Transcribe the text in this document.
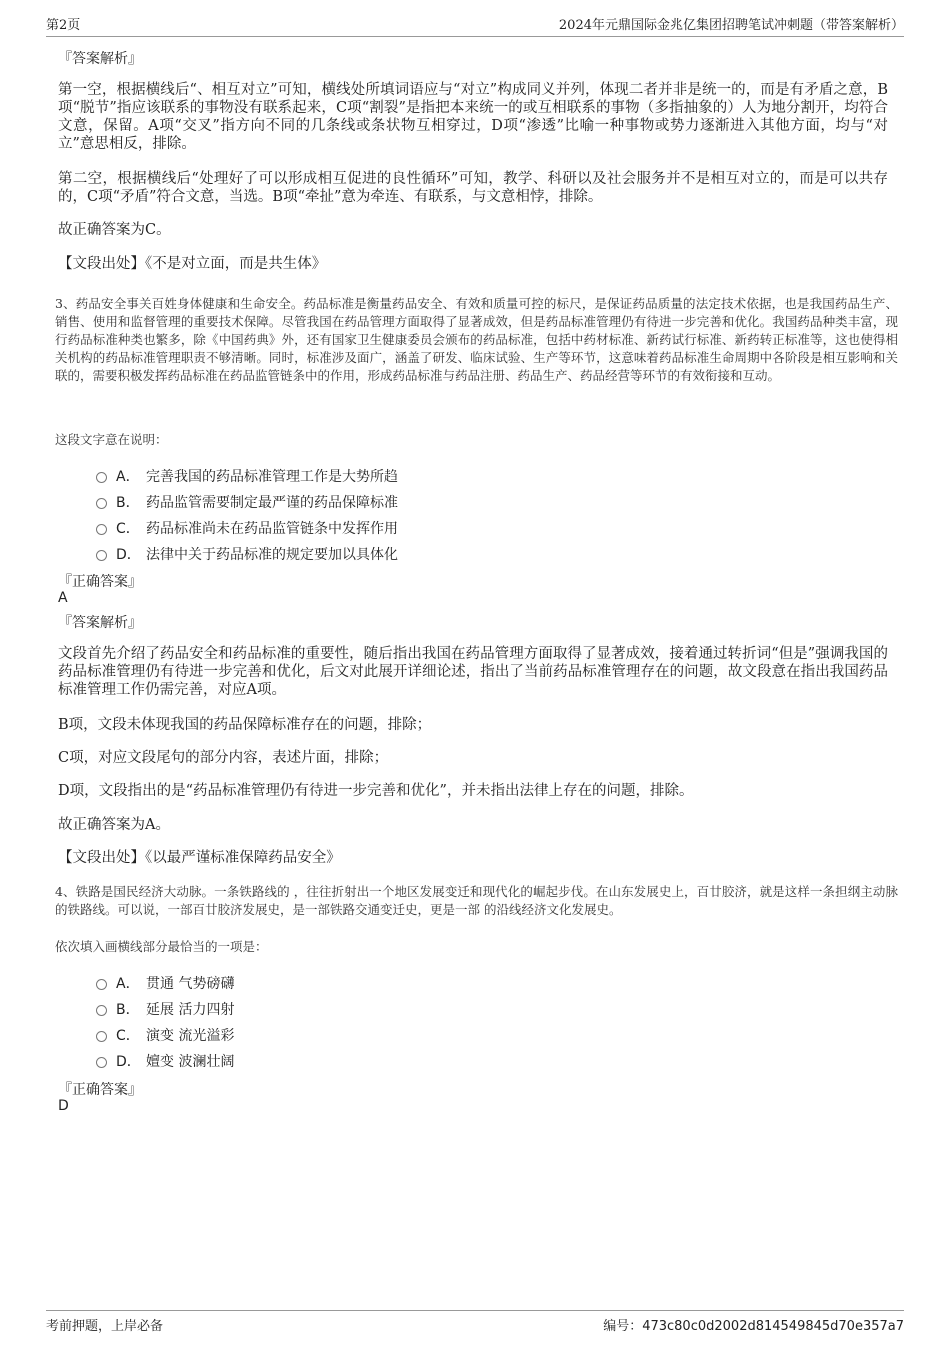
第2页	2024年元鼎国际金兆亿集团招聘笔试冲刺题（带答案解析）

『答案解析』

第一空，根据横线后“、相互对立”可知，横线处所填词语应与“对立”构成同义并列，体现二者并非是统一的，而是有矛盾之意，B项“脱节”指应该联系的事物没有联系起来，C项“割裂”是指把本来统一的或互相联系的事物（多指抽象的）人为地分割开，均符合文意，保留。A项“交叉”指方向不同的几条线或条状物互相穿过，D项“渗透”比喻一种事物或势力逐渐进入其他方面，均与“对立”意思相反，排除。

第二空，根据横线后“处理好了可以形成相互促进的良性循环”可知，教学、科研以及社会服务并不是相互对立的，而是可以共存的，C项“矛盾”符合文意，当选。B项“牵扯”意为牵连、有联系，与文意相悖，排除。

故正确答案为C。

【文段出处】《不是对立面，而是共生体》

3、药品安全事关百姓身体健康和生命安全。药品标准是衡量药品安全、有效和质量可控的标尺，是保证药品质量的法定技术依据，也是我国药品生产、销售、使用和监督管理的重要技术保障。尽管我国在药品管理方面取得了显著成效，但是药品标准管理仍有待进一步完善和优化。我国药品种类丰富，现行药品标准种类也繁多，除《中国药典》外，还有国家卫生健康委员会颁布的药品标准，包括中药材标准、新药试行标准、新药转正标准等，这也使得相关机构的药品标准管理职责不够清晰。同时，标准涉及面广，涵盖了研发、临床试验、生产等环节，这意味着药品标准生命周期中各阶段是相互影响和关联的，需要积极发挥药品标准在药品监管链条中的作用，形成药品标准与药品注册、药品生产、药品经营等环节的有效衔接和互动。

这段文字意在说明：

A． 完善我国的药品标准管理工作是大势所趋
B． 药品监管需要制定最严谨的药品保障标准
C． 药品标准尚未在药品监管链条中发挥作用
D． 法律中关于药品标准的规定要加以具体化

『正确答案』

A

『答案解析』

文段首先介绍了药品安全和药品标准的重要性，随后指出我国在药品管理方面取得了显著成效，接着通过转折词“但是”强调我国的药品标准管理仍有待进一步完善和优化，后文对此展开详细论述，指出了当前药品标准管理存在的问题，故文段意在指出我国药品标准管理工作仍需完善，对应A项。

B项，文段未体现我国的药品保障标准存在的问题，排除；

C项，对应文段尾句的部分内容，表述片面，排除；

D项，文段指出的是“药品标准管理仍有待进一步完善和优化”，并未指出法律上存在的问题，排除。

故正确答案为A。

【文段出处】《以最严谨标准保障药品安全》

4、铁路是国民经济大动脉。一条铁路线的 ，往往折射出一个地区发展变迁和现代化的崛起步伐。在山东发展史上，百廿胶济，就是这样一条担纲主动脉的铁路线。可以说，一部百廿胶济发展史，是一部铁路交通变迁史，更是一部 的沿线经济文化发展史。

依次填入画横线部分最恰当的一项是：

A． 贯通 气势磅礴
B． 延展 活力四射
C． 演变 流光溢彩
D． 嬗变 波澜壮阔

『正确答案』

D

考前押题，上岸必备	编号：473c80c0d2002d814549845d70e357a7
